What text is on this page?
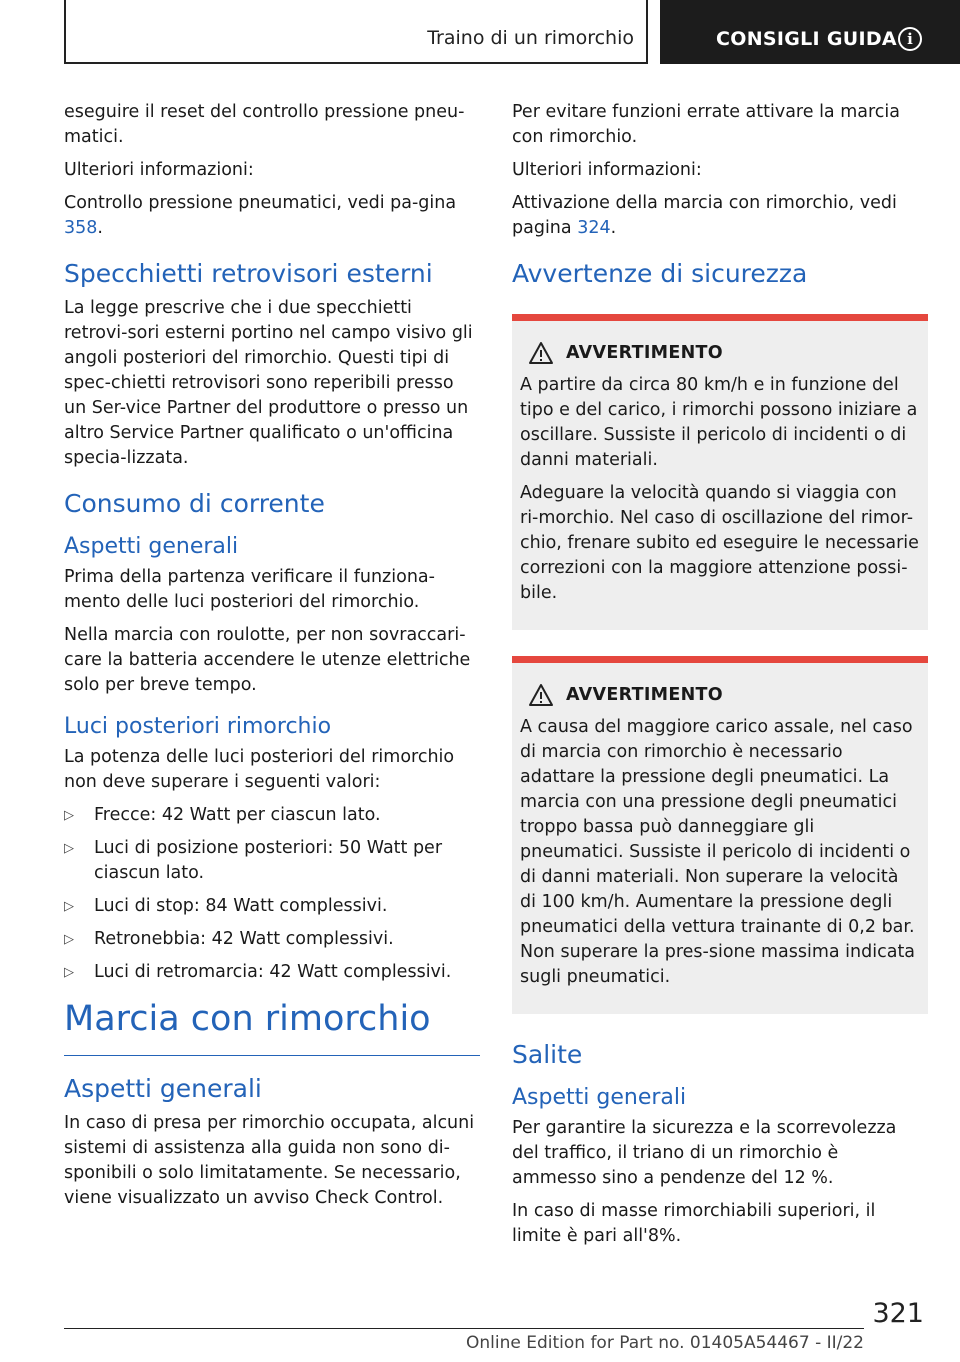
Traino di un rimorchio	CONSIGLI GUIDA i

eseguire il reset del controllo pressione pneu-matici.

Ulteriori informazioni:

Controllo pressione pneumatici, vedi pa-gina 358.

Specchietti retrovisori esterni

La legge prescrive che i due specchietti retrovi-sori esterni portino nel campo visivo gli angoli posteriori del rimorchio. Questi tipi di spec-chietti retrovisori sono reperibili presso un Ser-vice Partner del produttore o presso un altro Service Partner qualificato o un'officina specia-lizzata.

Consumo di corrente
Aspetti generali

Prima della partenza verificare il funziona-mento delle luci posteriori del rimorchio.

Nella marcia con roulotte, per non sovraccari-care la batteria accendere le utenze elettriche solo per breve tempo.

Luci posteriori rimorchio

La potenza delle luci posteriori del rimorchio non deve superare i seguenti valori:

▷ Frecce: 42 Watt per ciascun lato.
▷ Luci di posizione posteriori: 50 Watt per ciascun lato.
▷ Luci di stop: 84 Watt complessivi.
▷ Retronebbia: 42 Watt complessivi.
▷ Luci di retromarcia: 42 Watt complessivi.
Marcia con rimorchio
Aspetti generali

In caso di presa per rimorchio occupata, alcuni sistemi di assistenza alla guida non sono di-sponibili o solo limitatamente. Se necessario, viene visualizzato un avviso Check Control.

Per evitare funzioni errate attivare la marcia con rimorchio.

Ulteriori informazioni:

Attivazione della marcia con rimorchio, vedi pagina 324.

Avvertenze di sicurezza
AVVERTIMENTO

A partire da circa 80 km/h e in funzione del tipo e del carico, i rimorchi possono iniziare a oscillare. Sussiste il pericolo di incidenti o di danni materiali.

Adeguare la velocità quando si viaggia con ri-morchio. Nel caso di oscillazione del rimor-chio, frenare subito ed eseguire le necessarie correzioni con la maggiore attenzione possi-bile.

AVVERTIMENTO

A causa del maggiore carico assale, nel caso di marcia con rimorchio è necessario adattare la pressione degli pneumatici. La marcia con una pressione degli pneumatici troppo bassa può danneggiare gli pneumatici. Sussiste il pericolo di incidenti o di danni materiali. Non superare la velocità di 100 km/h. Aumentare la pressione degli pneumatici della vettura trainante di 0,2 bar. Non superare la pres-sione massima indicata sugli pneumatici.

Salite
Aspetti generali

Per garantire la sicurezza e la scorrevolezza del traffico, il triano di un rimorchio è ammesso sino a pendenze del 12 %.

In caso di masse rimorchiabili superiori, il limite è pari all'8%.

321
Online Edition for Part no. 01405A54467 - II/22
